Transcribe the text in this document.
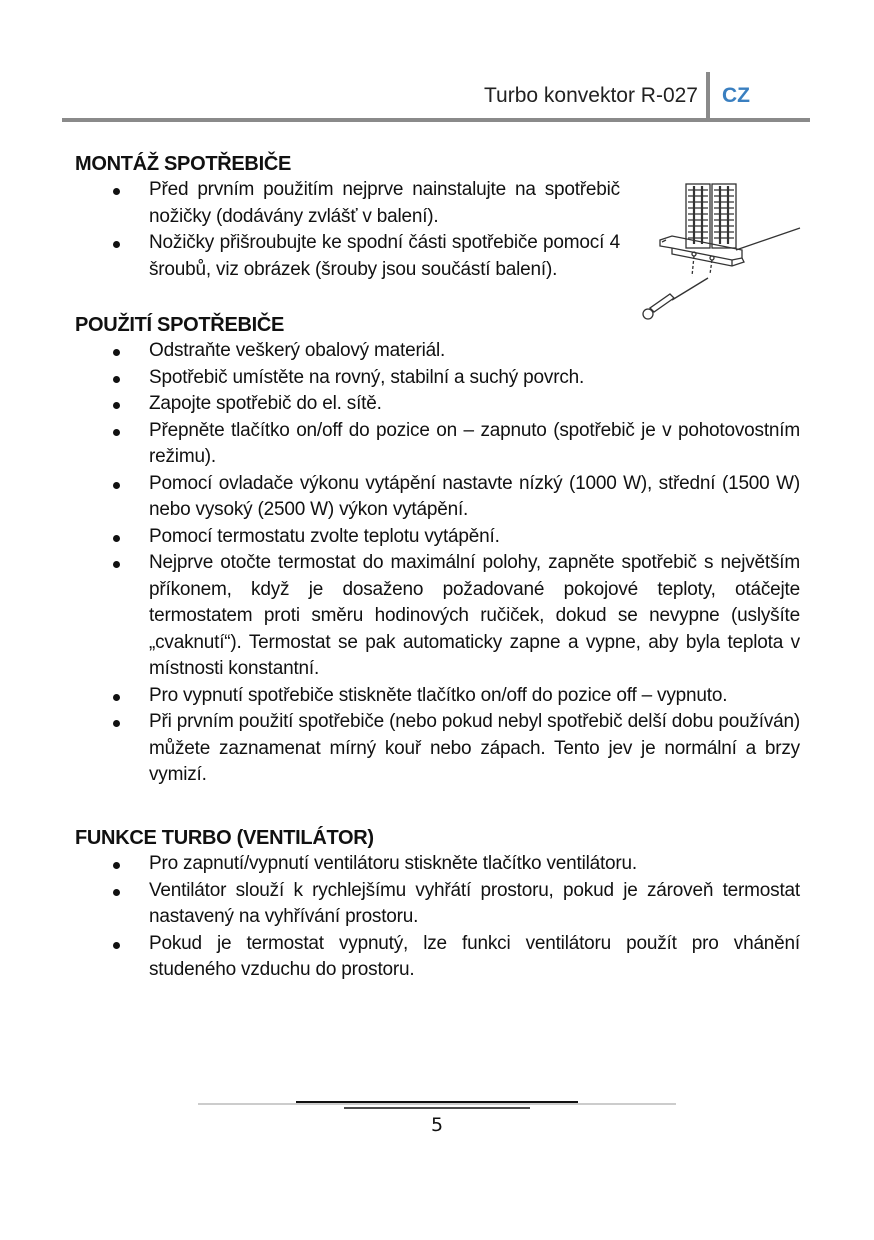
Turbo konvektor R-027 CZ
MONTÁŽ SPOTŘEBIČE
Před prvním použitím nejprve nainstalujte na spotřebič nožičky (dodávány zvlášť v balení).
Nožičky přišroubujte ke spodní části spotřebiče pomocí 4 šroubů, viz obrázek (šrouby jsou součástí balení).
POUŽITÍ SPOTŘEBIČE
Odstraňte veškerý obalový materiál.
Spotřebič umístěte na rovný, stabilní a suchý povrch.
Zapojte spotřebič do el. sítě.
Přepněte tlačítko on/off do pozice on – zapnuto (spotřebič je v pohotovostním režimu).
Pomocí ovladače výkonu vytápění nastavte nízký (1000 W), střední (1500 W) nebo vysoký (2500 W) výkon vytápění.
Pomocí termostatu zvolte teplotu vytápění.
Nejprve otočte termostat do maximální polohy, zapněte spotřebič s největším příkonem, když je dosaženo požadované pokojové teploty, otáčejte termostatem proti směru hodinových ručiček, dokud se nevypne (uslyšíte „cvaknutí“). Termostat se pak automaticky zapne a vypne, aby byla teplota v místnosti konstantní.
Pro vypnutí spotřebiče stiskněte tlačítko on/off do pozice off – vypnuto.
Při prvním použití spotřebiče (nebo pokud nebyl spotřebič delší dobu používán) můžete zaznamenat mírný kouř nebo zápach. Tento jev je normální a brzy vymizí.
FUNKCE TURBO (VENTILÁTOR)
Pro zapnutí/vypnutí ventilátoru stiskněte tlačítko ventilátoru.
Ventilátor slouží k rychlejšímu vyhřátí prostoru, pokud je zároveň termostat nastavený na vyhřívání prostoru.
Pokud je termostat vypnutý, lze funkci ventilátoru použít pro vhánění studeného vzduchu do prostoru.
5
